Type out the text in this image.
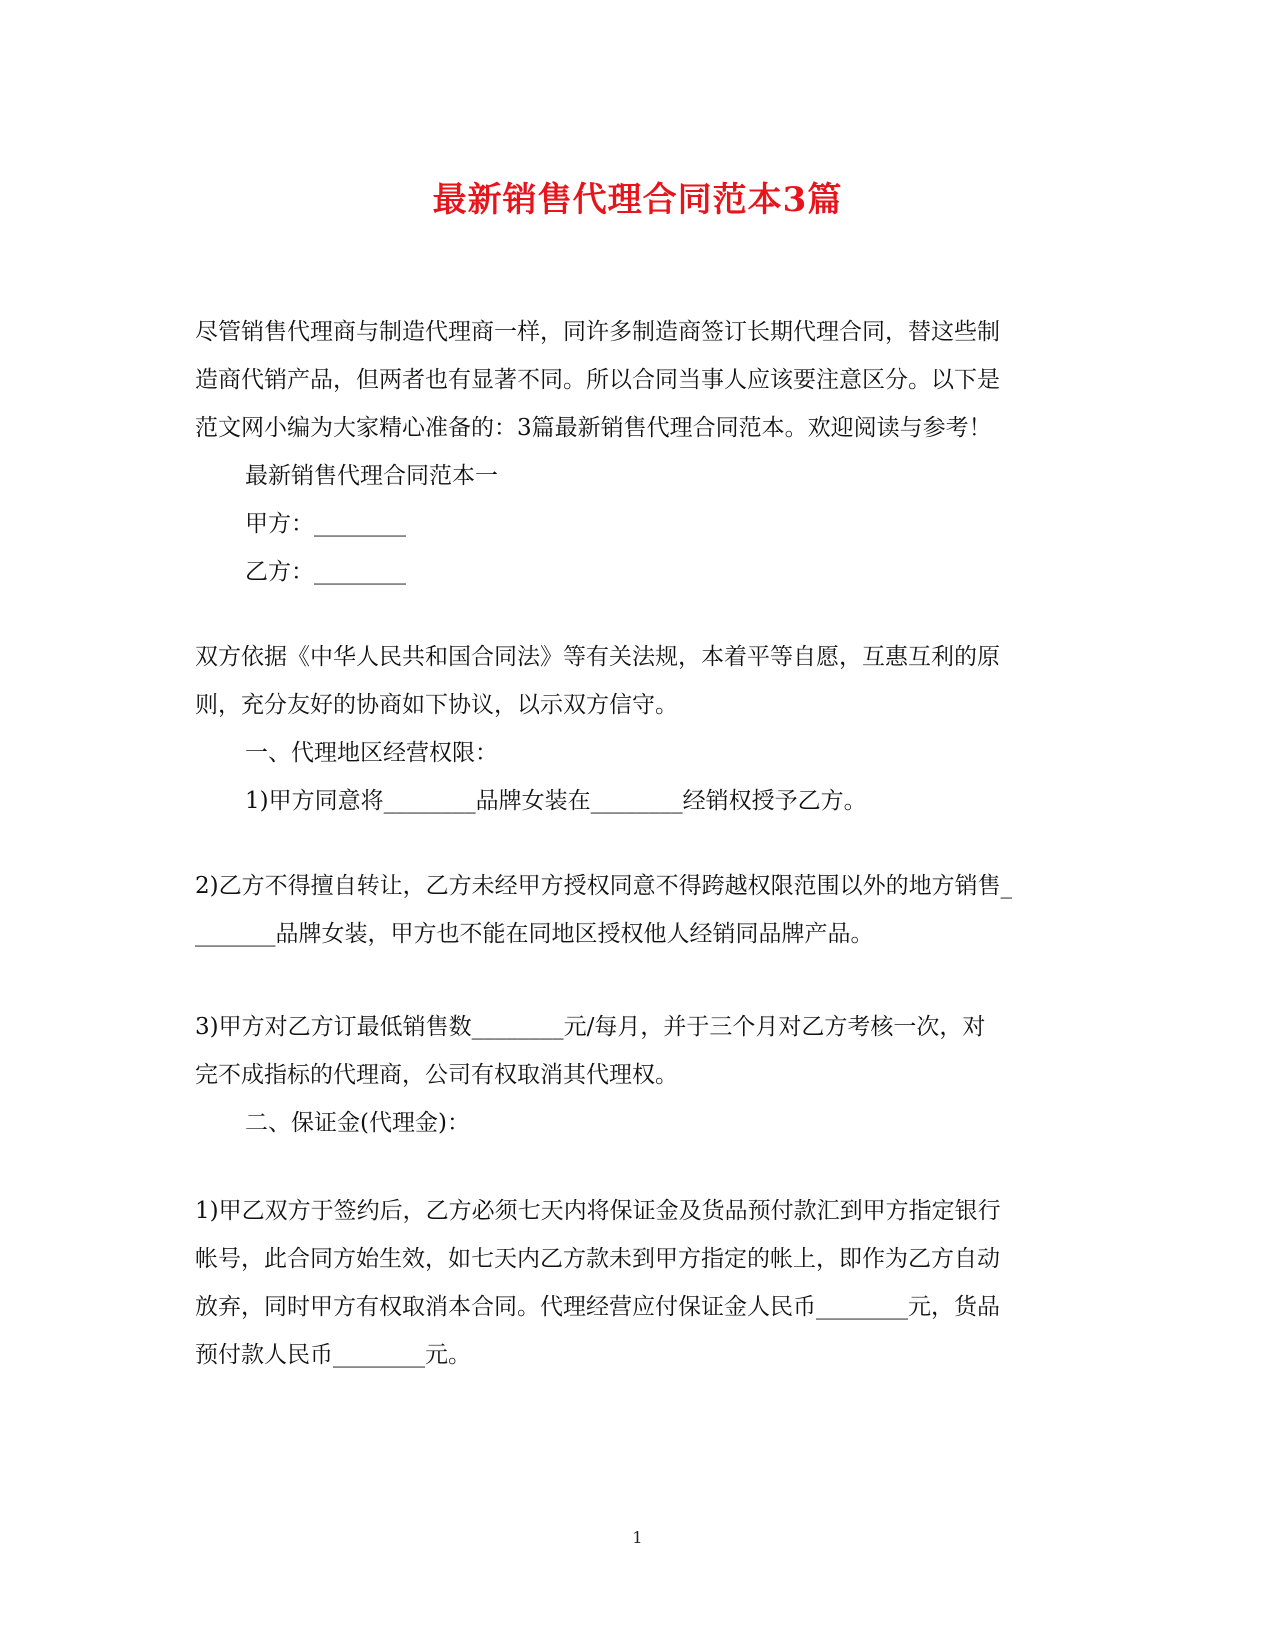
最新销售代理合同范本3篇
尽管销售代理商与制造代理商一样，同许多制造商签订长期代理合同，替这些制
造商代销产品，但两者也有显著不同。所以合同当事人应该要注意区分。以下是
范文网小编为大家精心准备的：3篇最新销售代理合同范本。欢迎阅读与参考！
最新销售代理合同范本一
甲方：________
乙方：________
双方依据《中华人民共和国合同法》等有关法规，本着平等自愿，互惠互利的原
则，充分友好的协商如下协议，以示双方信守。
一、代理地区经营权限：
1)甲方同意将________品牌女装在________经销权授予乙方。
2)乙方不得擅自转让，乙方未经甲方授权同意不得跨越权限范围以外的地方销售_
_______品牌女装，甲方也不能在同地区授权他人经销同品牌产品。
3)甲方对乙方订最低销售数________元/每月，并于三个月对乙方考核一次，对
完不成指标的代理商，公司有权取消其代理权。
二、保证金(代理金)：
1)甲乙双方于签约后，乙方必须七天内将保证金及货品预付款汇到甲方指定银行
帐号，此合同方始生效，如七天内乙方款未到甲方指定的帐上，即作为乙方自动
放弃，同时甲方有权取消本合同。代理经营应付保证金人民币________元，货品
预付款人民币________元。
1
